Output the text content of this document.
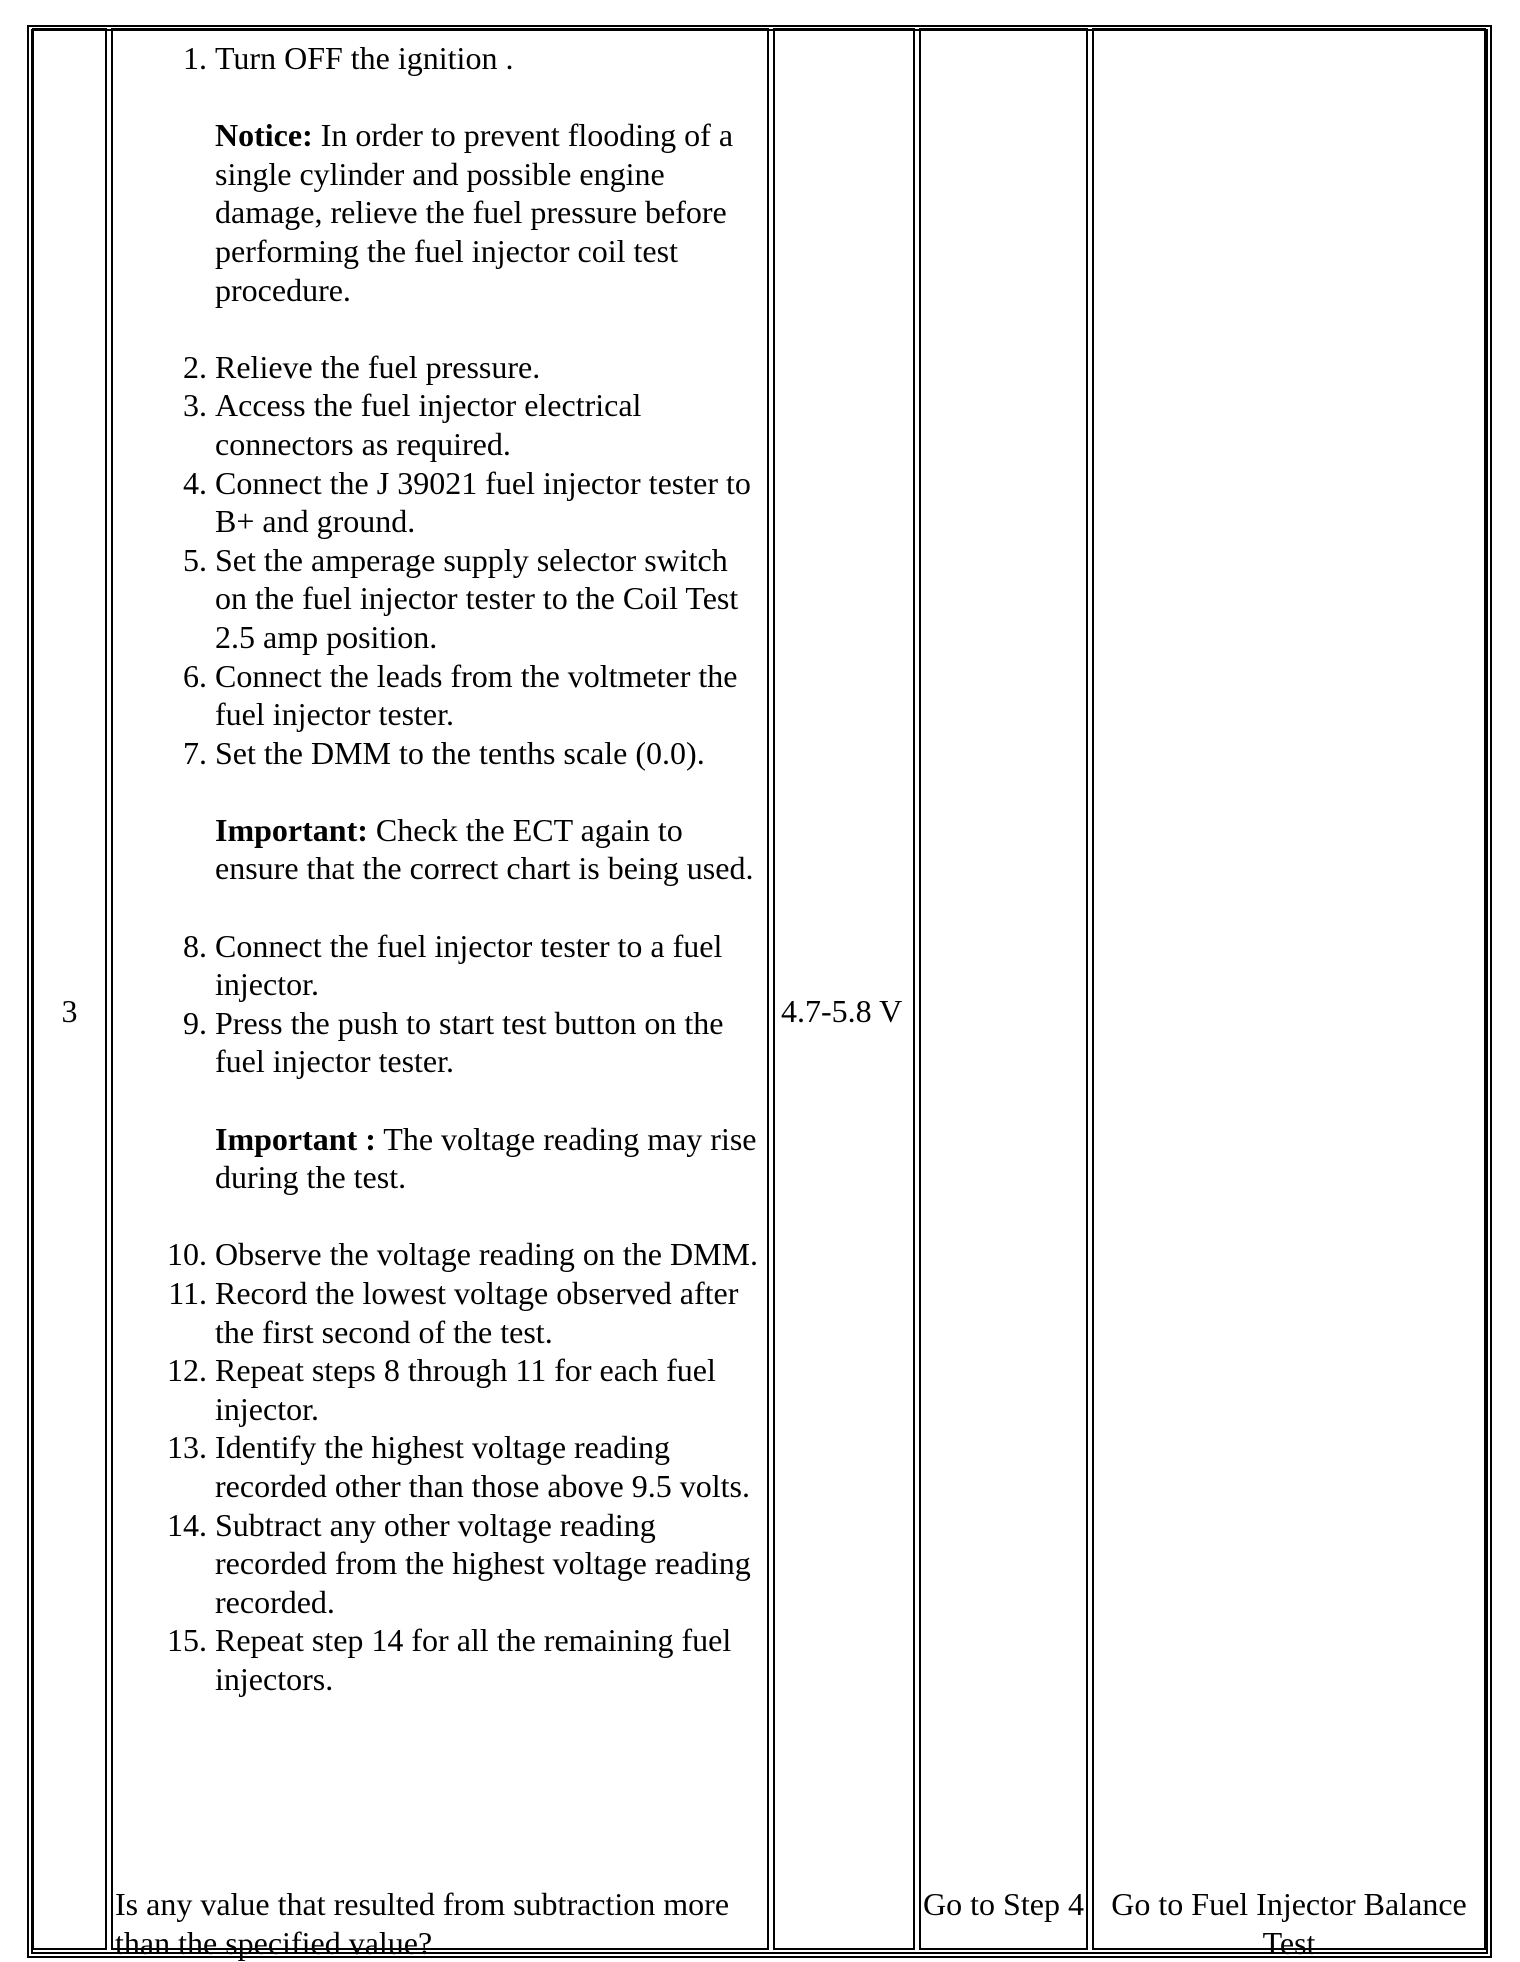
3
1. Turn OFF the ignition .
Notice: In order to prevent flooding of a single cylinder and possible engine damage, relieve the fuel pressure before performing the fuel injector coil test procedure.
2. Relieve the fuel pressure.
3. Access the fuel injector electrical connectors as required.
4. Connect the J 39021 fuel injector tester to B+ and ground.
5. Set the amperage supply selector switch on the fuel injector tester to the Coil Test 2.5 amp position.
6. Connect the leads from the voltmeter the fuel injector tester.
7. Set the DMM to the tenths scale (0.0).
Important: Check the ECT again to ensure that the correct chart is being used.
8. Connect the fuel injector tester to a fuel injector.
9. Press the push to start test button on the fuel injector tester.
Important : The voltage reading may rise during the test.
10. Observe the voltage reading on the DMM.
11. Record the lowest voltage observed after the first second of the test.
12. Repeat steps 8 through 11 for each fuel injector.
13. Identify the highest voltage reading recorded other than those above 9.5 volts.
14. Subtract any other voltage reading recorded from the highest voltage reading recorded.
15. Repeat step 14 for all the remaining fuel injectors.
Is any value that resulted from subtraction more than the specified value?
4.7-5.8 V
Go to Step 4 Go to Fuel Injector Balance Test
